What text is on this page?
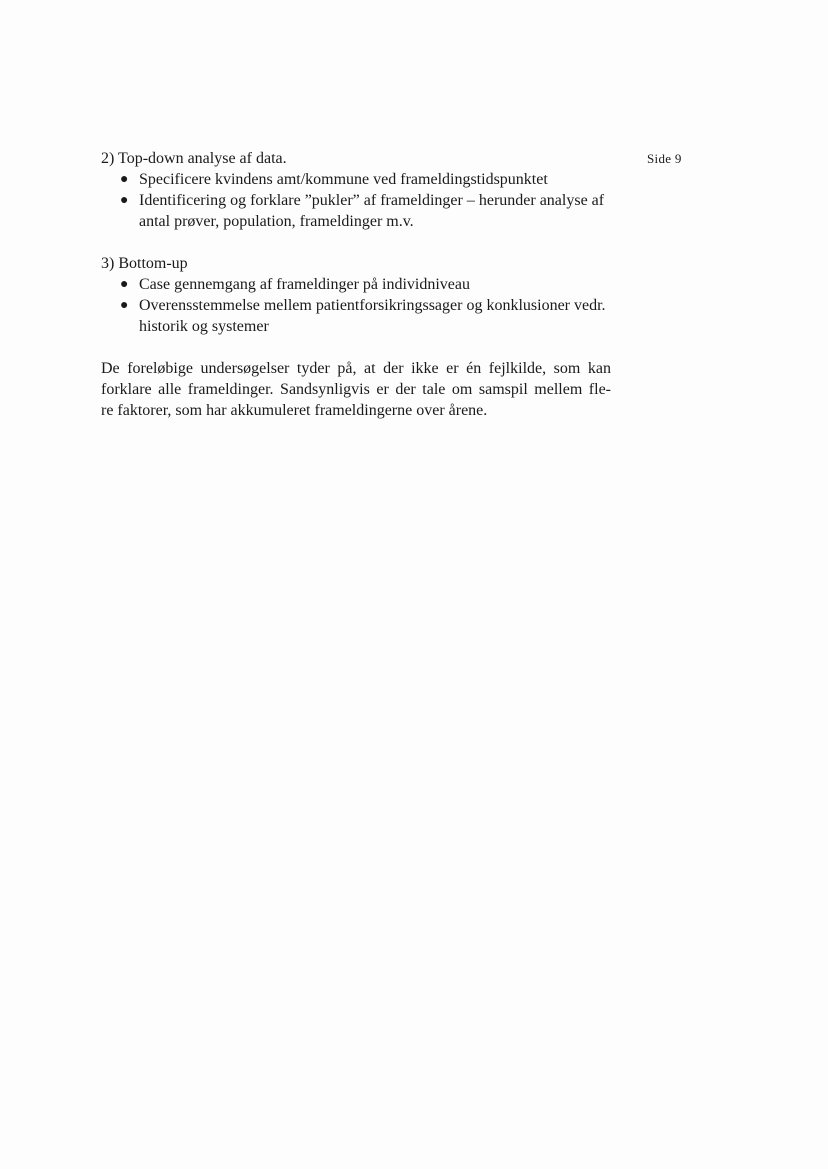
Side 9

2) Top-down analyse af data.

● Specificere kvindens amt/kommune ved frameldingstidspunktet
● Identificering og forklare ”pukler” af frameldinger – herunder analyse af antal prøver, population, frameldinger m.v.

3) Bottom-up

● Case gennemgang af frameldinger på individniveau
● Overensstemmelse mellem patientforsikringssager og konklusioner vedr. historik og systemer

De foreløbige undersøgelser tyder på, at der ikke er én fejlkilde, som kan
forklare alle frameldinger. Sandsynligvis er der tale om samspil mellem fle-
re faktorer, som har akkumuleret frameldingerne over årene.
